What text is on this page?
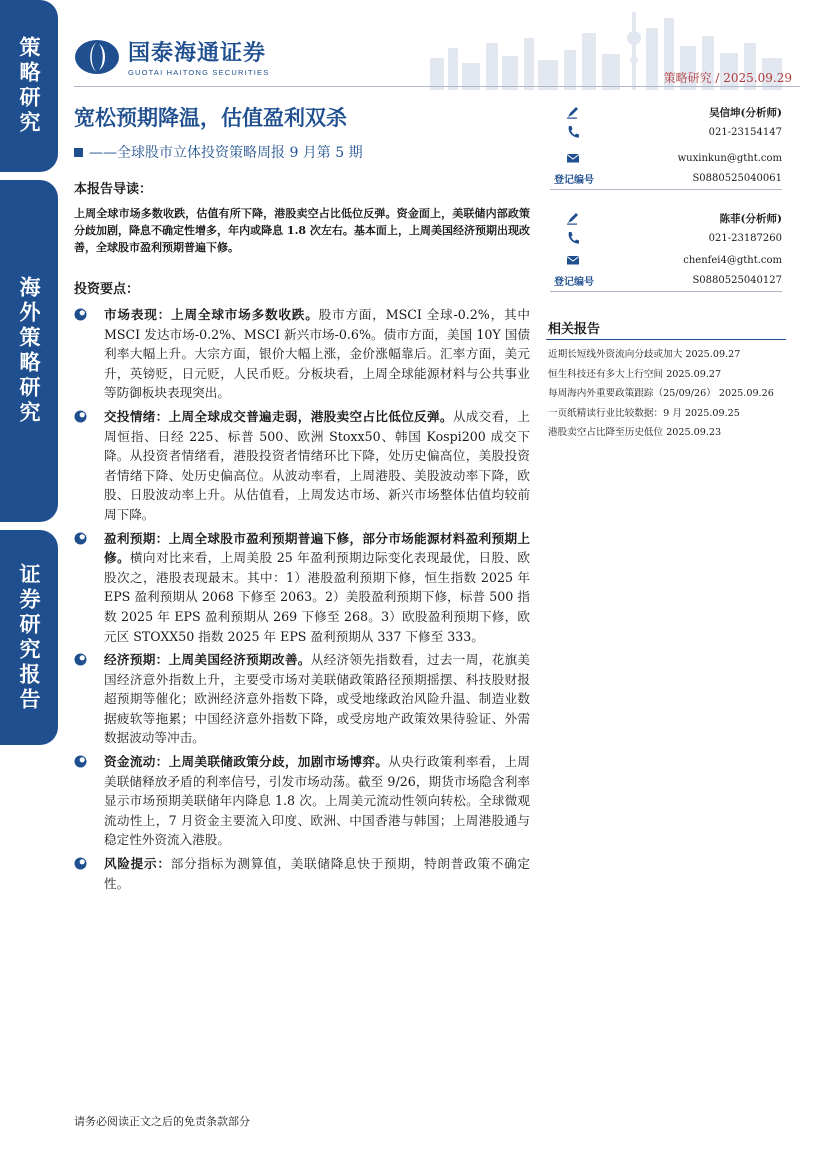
策略研究
海外策略研究
证券研究报告
国泰海通证券
GUOTAI HAITONG SECURITIES	策略研究 / 2025.09.29
宽松预期降温，估值盈利双杀
——全球股市立体投资策略周报 9 月第 5 期
本报告导读：
上周全球市场多数收跌，估值有所下降，港股卖空占比低位反弹。资金面上，美联储内部政策分歧加剧，降息不确定性增多，年内或降息 1.8 次左右。基本面上，上周美国经济预期出现改善，全球股市盈利预期普遍下修。
投资要点：
市场表现：上周全球市场多数收跌。股市方面，MSCI 全球-0.2%，其中 MSCI 发达市场-0.2%、MSCI 新兴市场-0.6%。债市方面，美国 10Y 国债利率大幅上升。大宗方面，银价大幅上涨，金价涨幅靠后。汇率方面，美元升，英镑贬，日元贬，人民币贬。分板块看，上周全球能源材料与公共事业等防御板块表现突出。
交投情绪：上周全球成交普遍走弱，港股卖空占比低位反弹。从成交看，上周恒指、日经 225、标普 500、欧洲 Stoxx50、韩国 Kospi200 成交下降。从投资者情绪看，港股投资者情绪环比下降，处历史偏高位，美股投资者情绪下降、处历史偏高位。从波动率看，上周港股、美股波动率下降，欧股、日股波动率上升。从估值看，上周发达市场、新兴市场整体估值均较前周下降。
盈利预期：上周全球股市盈利预期普遍下修，部分市场能源材料盈利预期上修。横向对比来看，上周美股 25 年盈利预期边际变化表现最优，日股、欧股次之，港股表现最末。其中：1）港股盈利预期下修，恒生指数 2025 年 EPS 盈利预期从 2068 下修至 2063。2）美股盈利预期下修，标普 500 指数 2025 年 EPS 盈利预期从 269 下修至 268。3）欧股盈利预期下修，欧元区 STOXX50 指数 2025 年 EPS 盈利预期从 337 下修至 333。
经济预期：上周美国经济预期改善。从经济领先指数看，过去一周，花旗美国经济意外指数上升，主要受市场对美联储政策路径预期摇摆、科技股财报超预期等催化；欧洲经济意外指数下降，或受地缘政治风险升温、制造业数据疲软等拖累；中国经济意外指数下降，或受房地产政策效果待验证、外需数据波动等冲击。
资金流动：上周美联储政策分歧，加剧市场博弈。从央行政策利率看，上周美联储释放矛盾的利率信号，引发市场动荡。截至 9/26，期货市场隐含利率显示市场预期美联储年内降息 1.8 次。上周美元流动性领向转松。全球微观流动性上，7 月资金主要流入印度、欧洲、中国香港与韩国；上周港股通与稳定性外资流入港股。
风险提示：部分指标为测算值，美联储降息快于预期，特朗普政策不确定性。
吴信坤(分析师)
021-23154147
wuxinkun@gtht.com
登记编号	S0880525040061
陈菲(分析师)
021-23187260
chenfei4@gtht.com
登记编号	S0880525040127
相关报告
近期长短线外资流向分歧或加大 2025.09.27
恒生科技还有多大上行空间 2025.09.27
每周海内外重要政策跟踪（25/09/26） 2025.09.26
一页纸精读行业比较数据：9 月 2025.09.25
港股卖空占比降至历史低位 2025.09.23
请务必阅读正文之后的免责条款部分
